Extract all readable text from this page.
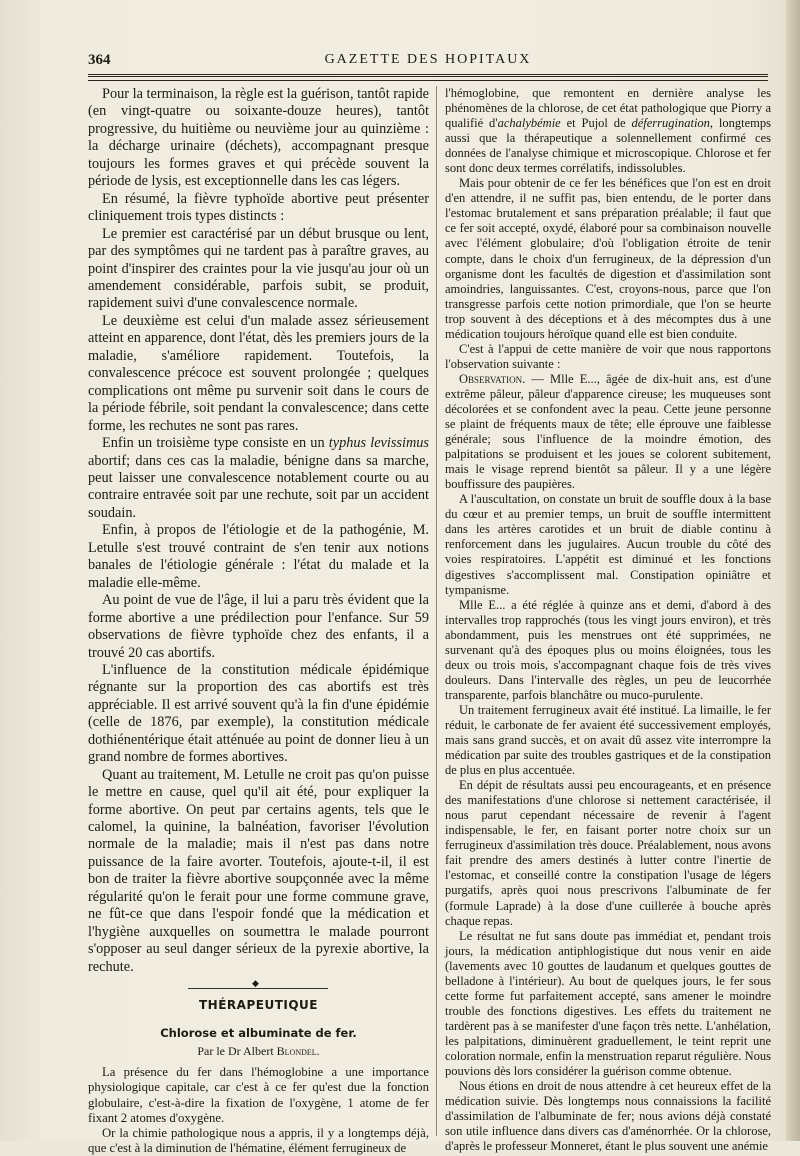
364	GAZETTE DES HOPITAUX

Pour la terminaison, la règle est la guérison, tantôt rapide (en vingt-quatre ou soixante-douze heures), tantôt progressive, du huitième ou neuvième jour au quinzième : la décharge urinaire (déchets), accompagnant presque toujours les formes graves et qui précède souvent la période de lysis, est exceptionnelle dans les cas légers.

En résumé, la fièvre typhoïde abortive peut présenter cliniquement trois types distincts :

Le premier est caractérisé par un début brusque ou lent, par des symptômes qui ne tardent pas à paraître graves, au point d'inspirer des craintes pour la vie jusqu'au jour où un amendement considérable, parfois subit, se produit, rapidement suivi d'une convalescence normale.

Le deuxième est celui d'un malade assez sérieusement atteint en apparence, dont l'état, dès les premiers jours de la maladie, s'améliore rapidement. Toutefois, la convalescence précoce est souvent prolongée ; quelques complications ont même pu survenir soit dans le cours de la période fébrile, soit pendant la convalescence; dans cette forme, les rechutes ne sont pas rares.

Enfin un troisième type consiste en un typhus levissimus abortif; dans ces cas la maladie, bénigne dans sa marche, peut laisser une convalescence notablement courte ou au contraire entravée soit par une rechute, soit par un accident soudain.

Enfin, à propos de l'étiologie et de la pathogénie, M. Letulle s'est trouvé contraint de s'en tenir aux notions banales de l'étiologie générale : l'état du malade et la maladie elle-même.

Au point de vue de l'âge, il lui a paru très évident que la forme abortive a une prédilection pour l'enfance. Sur 59 observations de fièvre typhoïde chez des enfants, il a trouvé 20 cas abortifs.

L'influence de la constitution médicale épidémique régnante sur la proportion des cas abortifs est très appréciable. Il est arrivé souvent qu'à la fin d'une épidémie (celle de 1876, par exemple), la constitution médicale dothiénentérique était atténuée au point de donner lieu à un grand nombre de formes abortives.

Quant au traitement, M. Letulle ne croit pas qu'on puisse le mettre en cause, quel qu'il ait été, pour expliquer la forme abortive. On peut par certains agents, tels que le calomel, la quinine, la balnéation, favoriser l'évolution normale de la maladie; mais il n'est pas dans notre puissance de la faire avorter. Toutefois, ajoute-t-il, il est bon de traiter la fièvre abortive soupçonnée avec la même régularité qu'on le ferait pour une forme commune grave, ne fût-ce que dans l'espoir fondé que la médication et l'hygiène auxquelles on soumettra le malade pourront s'opposer au seul danger sérieux de la pyrexie abortive, la rechute.

◆
THÉRAPEUTIQUE
Chlorose et albuminate de fer.
Par le Dr Albert Blondel.

La présence du fer dans l'hémoglobine a une importance physiologique capitale, car c'est à ce fer qu'est due la fonction globulaire, c'est-à-dire la fixation de l'oxygène, 1 atome de fer fixant 2 atomes d'oxygène.

Or la chimie pathologique nous a appris, il y a longtemps déjà, que c'est à la diminution de l'hématine, élément ferrugineux de

l'hémoglobine, que remontent en dernière analyse les phénomènes de la chlorose, de cet état pathologique que Piorry a qualifié d'achalybémie et Pujol de déferrugination, longtemps aussi que la thérapeutique a solennellement confirmé ces données de l'analyse chimique et microscopique. Chlorose et fer sont donc deux termes corrélatifs, indissolubles.

Mais pour obtenir de ce fer les bénéfices que l'on est en droit d'en attendre, il ne suffit pas, bien entendu, de le porter dans l'estomac brutalement et sans préparation préalable; il faut que ce fer soit accepté, oxydé, élaboré pour sa combinaison nouvelle avec l'élément globulaire; d'où l'obligation étroite de tenir compte, dans le choix d'un ferrugineux, de la dépression d'un organisme dont les facultés de digestion et d'assimilation sont amoindries, languissantes. C'est, croyons-nous, parce que l'on transgresse parfois cette notion primordiale, que l'on se heurte trop souvent à des déceptions et à des mécomptes dus à une médication toujours héroïque quand elle est bien conduite.

C'est à l'appui de cette manière de voir que nous rapportons l'observation suivante :

Observation. — Mlle E..., âgée de dix-huit ans, est d'une extrême pâleur, pâleur d'apparence cireuse; les muqueuses sont décolorées et se confondent avec la peau. Cette jeune personne se plaint de fréquents maux de tête; elle éprouve une faiblesse générale; sous l'influence de la moindre émotion, des palpitations se produisent et les joues se colorent subitement, mais le visage reprend bientôt sa pâleur. Il y a une légère bouffissure des paupières.

A l'auscultation, on constate un bruit de souffle doux à la base du cœur et au premier temps, un bruit de souffle intermittent dans les artères carotides et un bruit de diable continu à renforcement dans les jugulaires. Aucun trouble du côté des voies respiratoires. L'appétit est diminué et les fonctions digestives s'accomplissent mal. Constipation opiniâtre et tympanisme.

Mlle E... a été réglée à quinze ans et demi, d'abord à des intervalles trop rapprochés (tous les vingt jours environ), et très abondamment, puis les menstrues ont été supprimées, ne survenant qu'à des époques plus ou moins éloignées, tous les deux ou trois mois, s'accompagnant chaque fois de très vives douleurs. Dans l'intervalle des règles, un peu de leucorrhée transparente, parfois blanchâtre ou muco-purulente.

Un traitement ferrugineux avait été institué. La limaille, le fer réduit, le carbonate de fer avaient été successivement employés, mais sans grand succès, et on avait dû assez vite interrompre la médication par suite des troubles gastriques et de la constipation de plus en plus accentuée.

En dépit de résultats aussi peu encourageants, et en présence des manifestations d'une chlorose si nettement caractérisée, il nous parut cependant nécessaire de revenir à l'agent indispensable, le fer, en faisant porter notre choix sur un ferrugineux d'assimilation très douce. Préalablement, nous avons fait prendre des amers destinés à lutter contre l'inertie de l'estomac, et conseillé contre la constipation l'usage de légers purgatifs, après quoi nous prescrivons l'albuminate de fer (formule Laprade) à la dose d'une cuillerée à bouche après chaque repas.

Le résultat ne fut sans doute pas immédiat et, pendant trois jours, la médication antiphlogistique dut nous venir en aide (lavements avec 10 gouttes de laudanum et quelques gouttes de belladone à l'intérieur). Au bout de quelques jours, le fer sous cette forme fut parfaitement accepté, sans amener le moindre trouble des fonctions digestives. Les effets du traitement ne tardèrent pas à se manifester d'une façon très nette. L'anhélation, les palpitations, diminuèrent graduellement, le teint reprit une coloration normale, enfin la menstruation reparut régulière. Nous pouvions dès lors considérer la guérison comme obtenue.

Nous étions en droit de nous attendre à cet heureux effet de la médication suivie. Dès longtemps nous connaissions la facilité d'assimilation de l'albuminate de fer; nous avions déjà constaté son utile influence dans divers cas d'aménorrhée. Or la chlorose, d'après le professeur Monneret, étant le plus souvent une anémie
